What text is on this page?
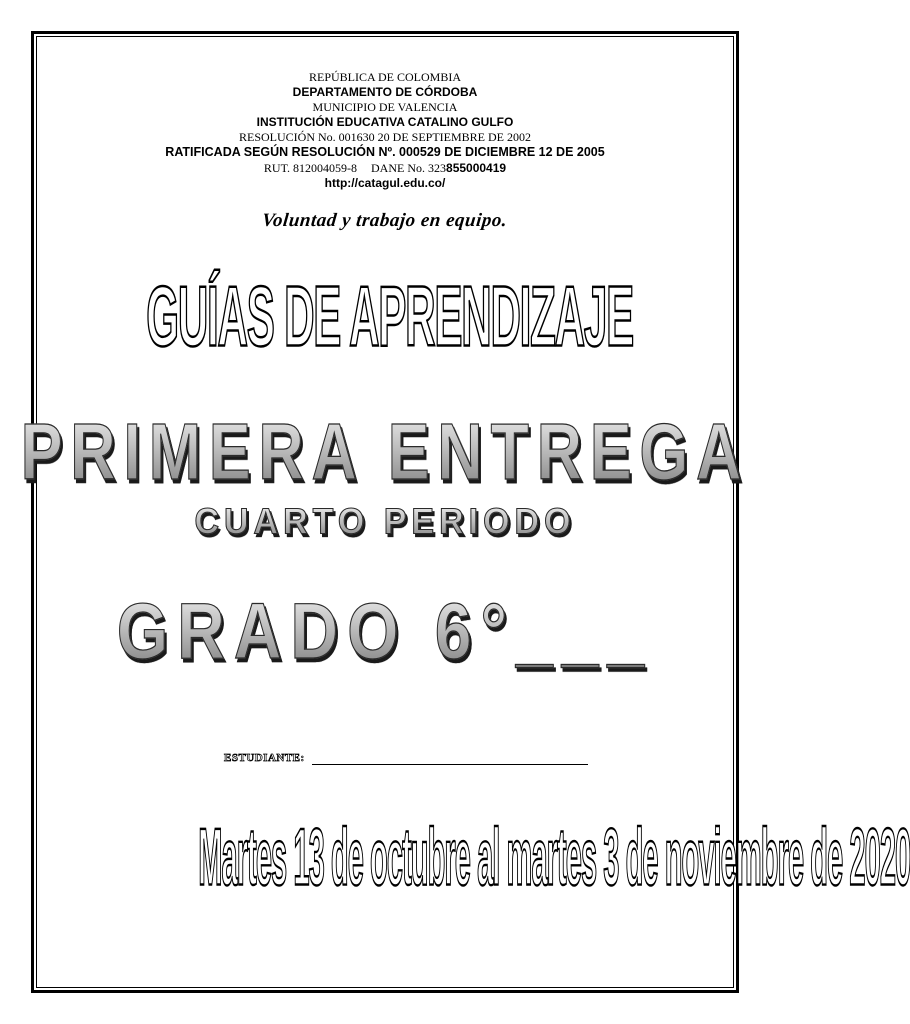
REPÚBLICA DE COLOMBIA
DEPARTAMENTO DE CÓRDOBA
MUNICIPIO DE VALENCIA
INSTITUCIÓN EDUCATIVA CATALINO GULFO
RESOLUCIÓN No. 001630 20 DE SEPTIEMBRE DE 2002
RATIFICADA SEGÚN RESOLUCIÓN Nº. 000529 DE DICIEMBRE 12 DE 2005
RUT. 812004059-8 DANE No. 323855000419
http://catagul.edu.co/
Voluntad y trabajo en equipo.
GUÍAS DE APRENDIZAJE
PRIMERA ENTREGA
CUARTO PERIODO
GRADO 6°___
ESTUDIANTE:
Martes 13 de octubre al martes 3 de noviembre de 2020
